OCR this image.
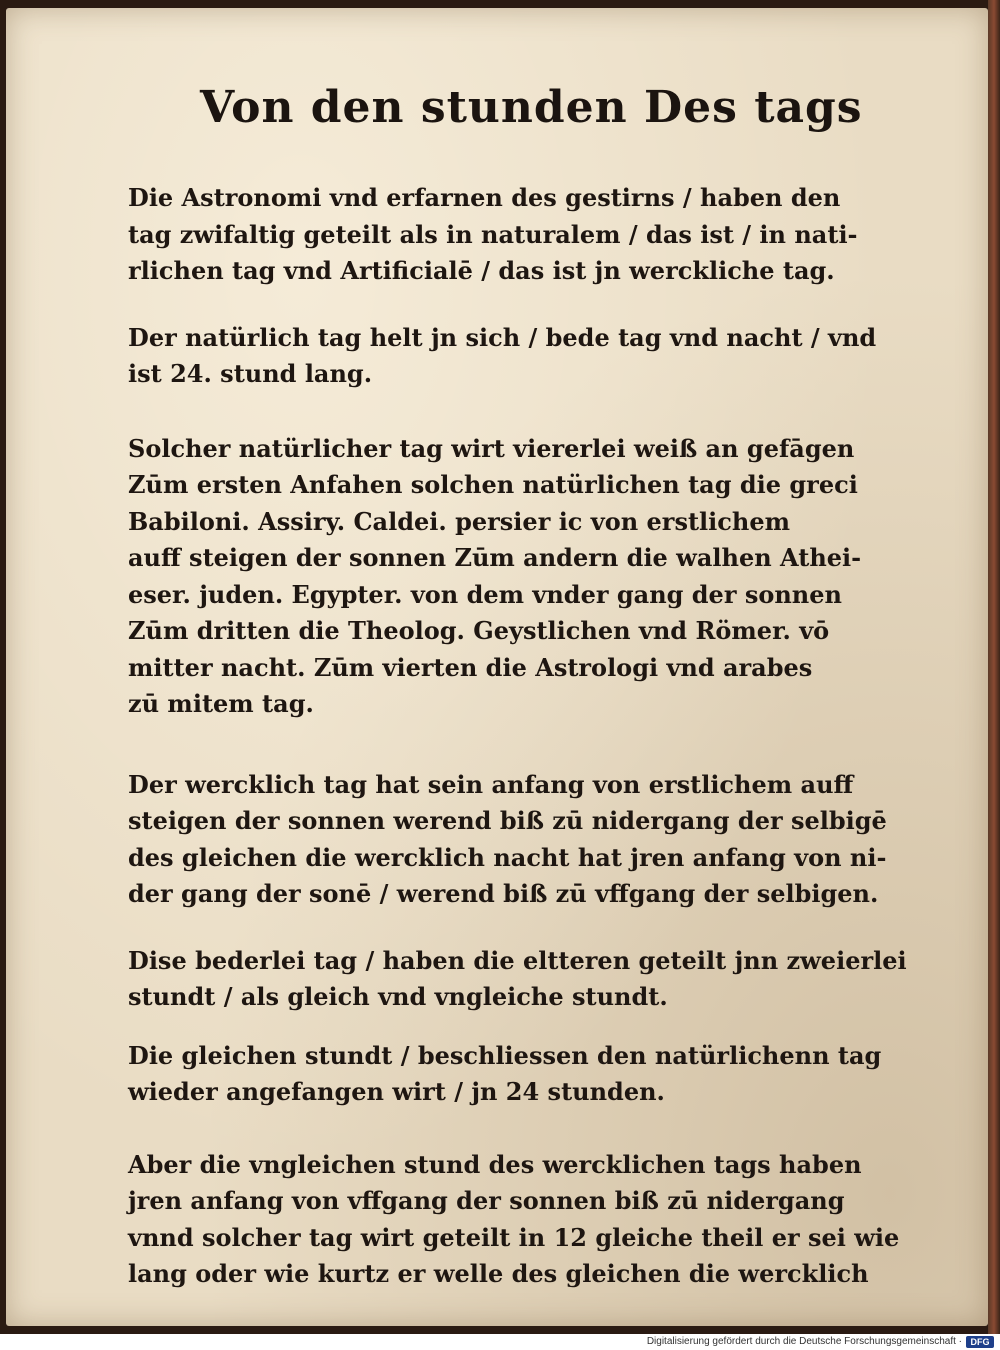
Von den stunden Des tags

Die Astronomi vnd erfarnen des gestirns / haben den
tag zwifaltig geteilt als in naturalem / das ist / in nati-
rlichen tag vnd Artificialē / das ist jn werckliche tag.

Der natürlich tag helt jn sich / bede tag vnd nacht / vnd
ist 24. stund lang.

Solcher natürlicher tag wirt viererlei weiß an gefāgen
Zūm ersten Anfahen solchen natürlichen tag die greci
Babiloni. Assiry. Caldei. persier ic von erstlichem
auff steigen der sonnen Zūm andern die walhen Athei-
eser. juden. Egypter. von dem vnder gang der sonnen
Zūm dritten die Theolog. Geystlichen vnd Römer. vō
mitter nacht. Zūm vierten die Astrologi vnd arabes
zū mitem tag.

Der wercklich tag hat sein anfang von erstlichem auff
steigen der sonnen werend biß zū nidergang der selbigē
des gleichen die wercklich nacht hat jren anfang von ni-
der gang der sonē / werend biß zū vffgang der selbigen.

Dise bederlei tag / haben die eltteren geteilt jnn zweierlei
stundt / als gleich vnd vngleiche stundt.

Die gleichen stundt / beschliessen den natürlichenn tag
wieder angefangen wirt / jn 24 stunden.

Aber die vngleichen stund des wercklichen tags haben
jren anfang von vffgang der sonnen biß zū nidergang
vnnd solcher tag wirt geteilt in 12 gleiche theil er sei wie
lang oder wie kurtz er welle des gleichen die wercklich

Digitalisierung gefördert durch die Deutsche Forschungsgemeinschaft · DFG
